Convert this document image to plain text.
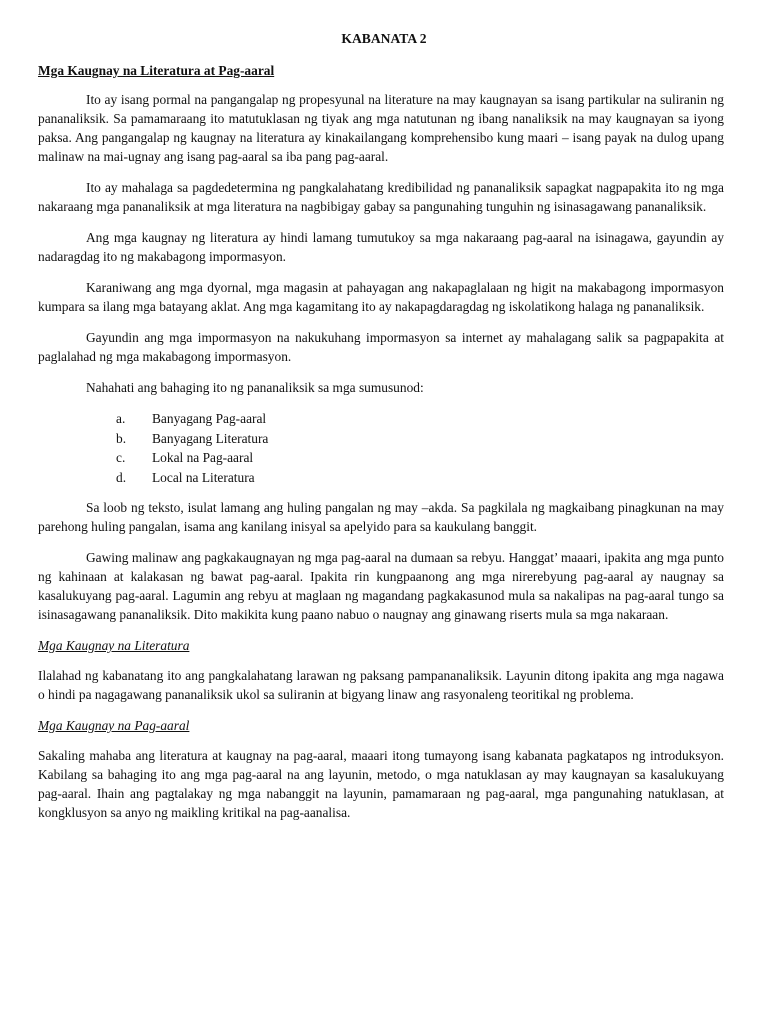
KABANATA 2
Mga Kaugnay na Literatura at Pag-aaral

Ito ay isang pormal na pangangalap ng propesyunal na literature na may kaugnayan sa isang partikular na suliranin ng pananaliksik. Sa pamamaraang ito matutuklasan ng tiyak ang mga natutunan ng ibang nanaliksik na may kaugnayan sa iyong paksa. Ang pangangalap ng kaugnay na literatura ay kinakailangang komprehensibo kung maari – isang payak na dulog upang malinaw na mai-ugnay ang isang pag-aaral sa iba pang pag-aaral.

Ito ay mahalaga sa pagdedetermina ng pangkalahatang kredibilidad ng pananaliksik sapagkat nagpapakita ito ng mga nakaraang mga pananaliksik at mga literatura na nagbibigay gabay sa pangunahing tunguhin ng isinasagawang pananaliksik.

Ang mga kaugnay ng literatura ay hindi lamang tumutukoy sa mga nakaraang pag-aaral na isinagawa, gayundin ay nadaragdag ito ng makabagong impormasyon.

Karaniwang ang mga dyornal, mga magasin at pahayagan ang nakapaglalaan ng higit na makabagong impormasyon kumpara sa ilang mga batayang aklat. Ang mga kagamitang ito ay nakapagdaragdag ng iskolatikong halaga ng pananaliksik.

Gayundin ang mga impormasyon na nakukuhang impormasyon sa internet ay mahalagang salik sa pagpapakita at paglalahad ng mga makabagong impormasyon.

Nahahati ang bahaging ito ng pananaliksik sa mga sumusunod:

a.	Banyagang Pag-aaral
b.	Banyagang Literatura
c.	Lokal na Pag-aaral
d.	Local na Literatura

Sa loob ng teksto, isulat lamang ang huling pangalan ng may –akda. Sa pagkilala ng magkaibang pinagkunan na may parehong huling pangalan, isama ang kanilang inisyal sa apelyido para sa kaukulang banggit.

Gawing malinaw ang pagkakaugnayan ng mga pag-aaral na dumaan sa rebyu. Hanggat’ maaari, ipakita ang mga punto ng kahinaan at kalakasan ng bawat pag-aaral. Ipakita rin kungpaanong ang mga nirerebyung pag-aaral ay naugnay sa kasalukuyang pag-aaral. Lagumin ang rebyu at maglaan ng magandang pagkakasunod mula sa nakalipas na pag-aaral tungo sa isinasagawang pananaliksik. Dito makikita kung paano nabuo o naugnay ang ginawang riserts mula sa mga nakaraan.

Mga Kaugnay na Literatura

Ilalahad ng kabanatang ito ang pangkalahatang larawan ng paksang pampananaliksik. Layunin ditong ipakita ang mga nagawa o hindi pa nagagawang pananaliksik ukol sa suliranin at bigyang linaw ang rasyonaleng teoritikal ng problema.

Mga Kaugnay na Pag-aaral

Sakaling mahaba ang literatura at kaugnay na pag-aaral, maaari itong tumayong isang kabanata pagkatapos ng introduksyon. Kabilang sa bahaging ito ang mga pag-aaral na ang layunin, metodo, o mga natuklasan ay may kaugnayan sa kasalukuyang pag-aaral. Ihain ang pagtalakay ng mga nabanggit na layunin, pamamaraan ng pag-aaral, mga pangunahing natuklasan, at kongklusyon sa anyo ng maikling kritikal na pag-aanalisa.
